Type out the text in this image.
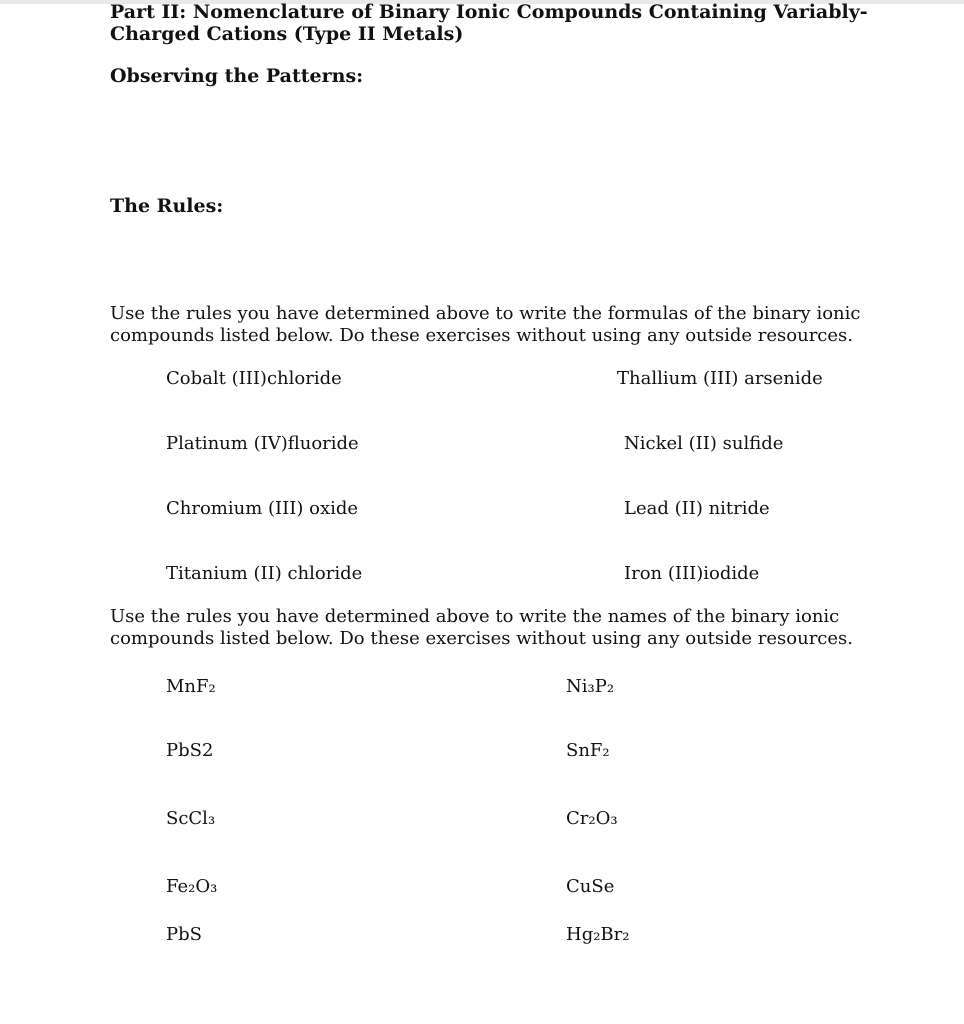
Part II: Nomenclature of Binary Ionic Compounds Containing Variably-Charged Cations (Type II Metals)
Observing the Patterns:
The Rules:
Use the rules you have determined above to write the formulas of the binary ionic compounds listed below. Do these exercises without using any outside resources.
Cobalt (III)chloride
Platinum (IV)fluoride
Chromium (III) oxide
Titanium (II) chloride
Thallium (III) arsenide
Nickel (II) sulfide
Lead (II) nitride
Iron (III)iodide
Use the rules you have determined above to write the names of the binary ionic compounds listed below. Do these exercises without using any outside resources.
MnF₂
PbS2
ScCl₃
Fe₂O₃
PbS
Ni₃P₂
SnF₂
Cr₂O₃
CuSe
Hg₂Br₂
